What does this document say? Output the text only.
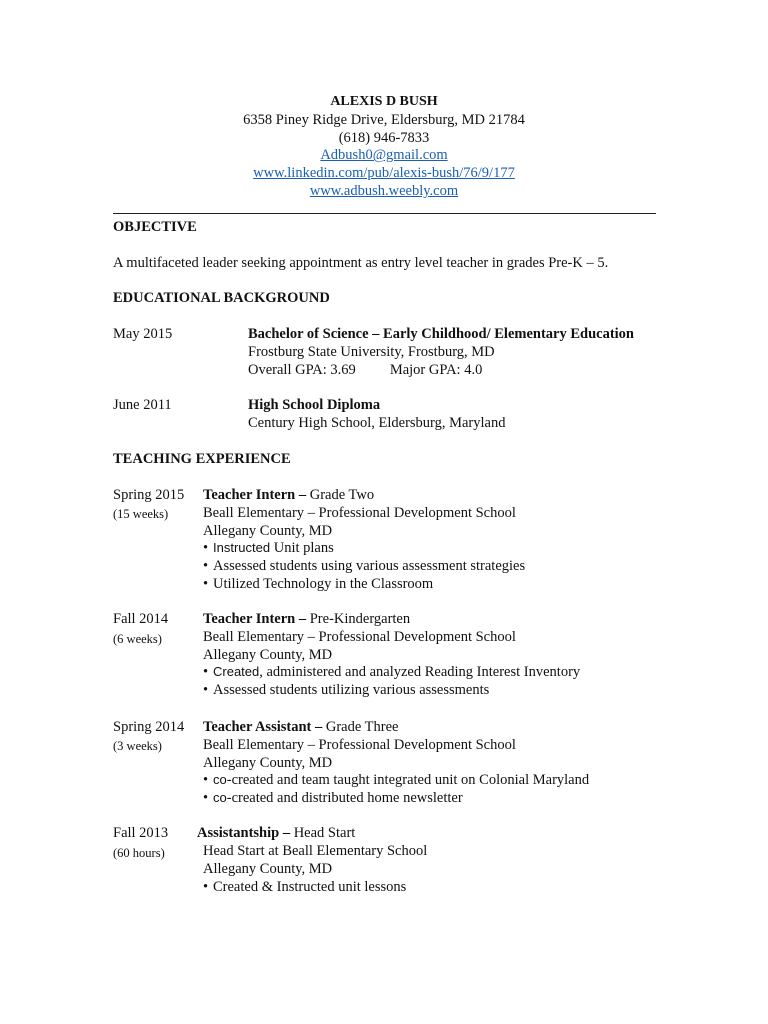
ALEXIS D BUSH
6358 Piney Ridge Drive, Eldersburg, MD 21784
(618) 946-7833
Adbush0@gmail.com
www.linkedin.com/pub/alexis-bush/76/9/177
www.adbush.weebly.com
OBJECTIVE
A multifaceted leader seeking appointment as entry level teacher in grades Pre-K – 5.
EDUCATIONAL BACKGROUND
May 2015	Bachelor of Science – Early Childhood/ Elementary Education
Frostburg State University, Frostburg, MD
Overall GPA: 3.69 Major GPA: 4.0
June 2011	High School Diploma
Century High School, Eldersburg, Maryland
TEACHING EXPERIENCE
Spring 2015
(15 weeks)
Teacher Intern – Grade Two
Beall Elementary – Professional Development School
Allegany County, MD
• Instructed Unit plans
• Assessed students using various assessment strategies
• Utilized Technology in the Classroom
Fall 2014
(6 weeks)
Teacher Intern – Pre-Kindergarten
Beall Elementary – Professional Development School
Allegany County, MD
• Created, administered and analyzed Reading Interest Inventory
• Assessed students utilizing various assessments
Spring 2014
(3 weeks)
Teacher Assistant – Grade Three
Beall Elementary – Professional Development School
Allegany County, MD
• co-created and team taught integrated unit on Colonial Maryland
• co-created and distributed home newsletter
Fall 2013
(60 hours)
Assistantship – Head Start
Head Start at Beall Elementary School
Allegany County, MD
• Created & Instructed unit lessons
